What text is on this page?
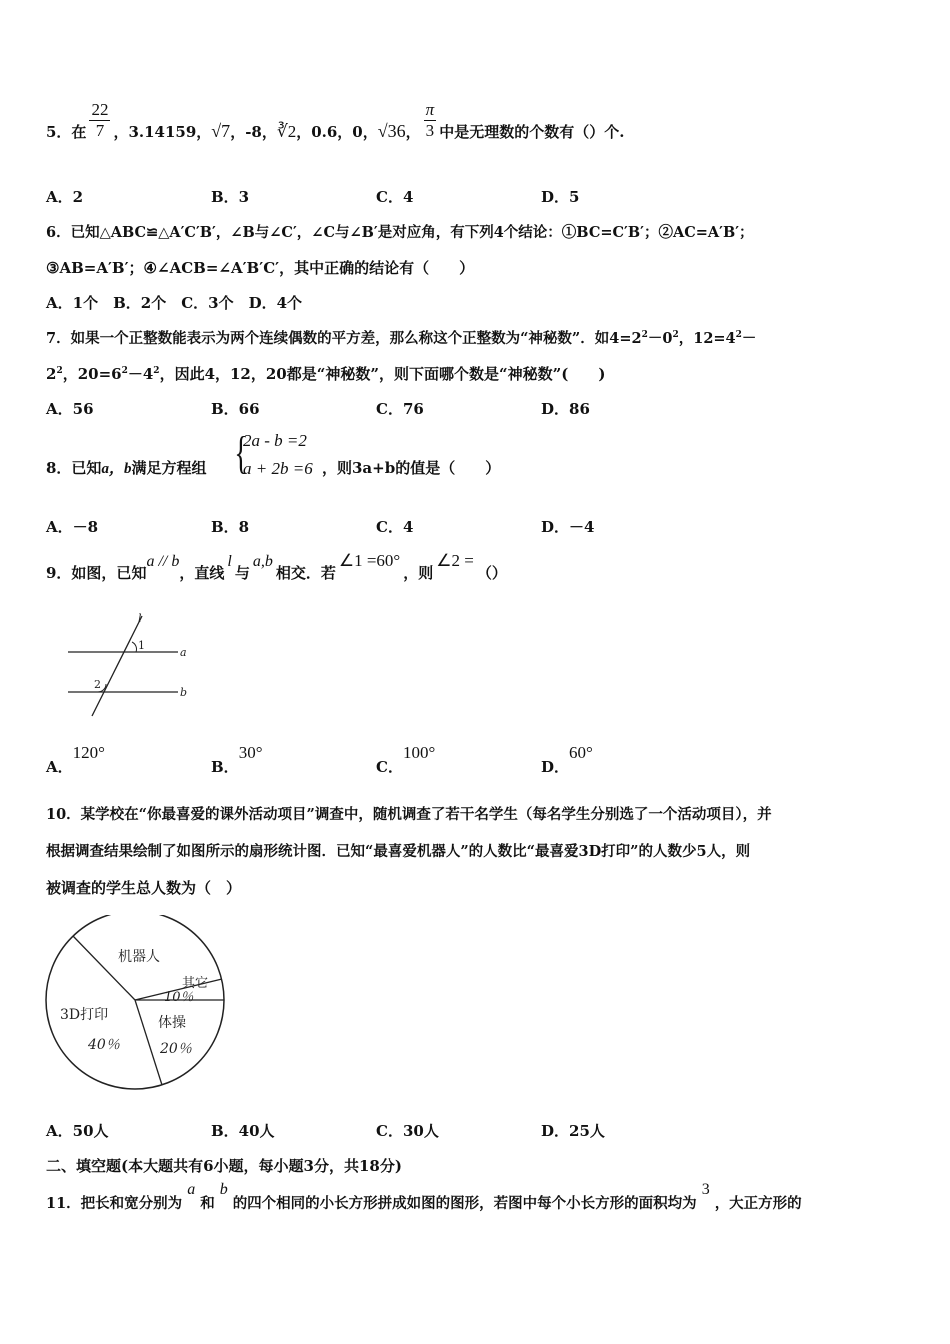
5．在 $\frac{22}{7}$ ，3.14159，√7，-8，∛2，0.6，0，√36， $\frac{\pi}{3}$ 中是无理数的个数有（）个.
A．2	B．3	C．4	D．5
6．已知△ABC≌△A′C′B′，∠B与∠C′，∠C与∠B′是对应角，有下列4个结论：①BC=C′B′；②AC=A′B′；
③AB=A′B′；④∠ACB=∠A′B′C′，其中正确的结论有（　　）
A．1个　B．2个　C．3个　D．4个
7．如果一个正整数能表示为两个连续偶数的平方差，那么称这个正整数为“神秘数”．如$4=2^2-0^2$，$12=4^2-$
$2^2$，$20=6^2-4^2$，因此4，12，20都是“神秘数”，则下面哪个数是“神秘数”(　　)
A．56	B．66	C．76	D．86
8．已知a，b满足方程组 {
2a - b =2
a + 2b =6 ，则3a+b的值是（　　）
A．－8	B．8	C．4	D．－4
9．如图，已知a // b，直线l与a,b相交．若∠1 =60°，则∠2 =（）
l
1
2
a
b
A．120°
B．30°
C．100°
D．60°
10．某学校在“你最喜爱的课外活动项目”调查中，随机调查了若干名学生（每名学生分别选了一个活动项目），并
根据调查结果绘制了如图所示的扇形统计图．已知“最喜爱机器人”的人数比“最喜爱3D打印”的人数少5人，则
被调查的学生总人数为（　）
机器人
其它
10％
3D打印
40％
体操
20％
A．50人	B．40人	C．30人	D．25人
二、填空题(本大题共有6小题，每小题3分，共18分)
11．把长和宽分别为a和b的四个相同的小长方形拼成如图的图形，若图中每个小长方形的面积均为3，大正方形的
